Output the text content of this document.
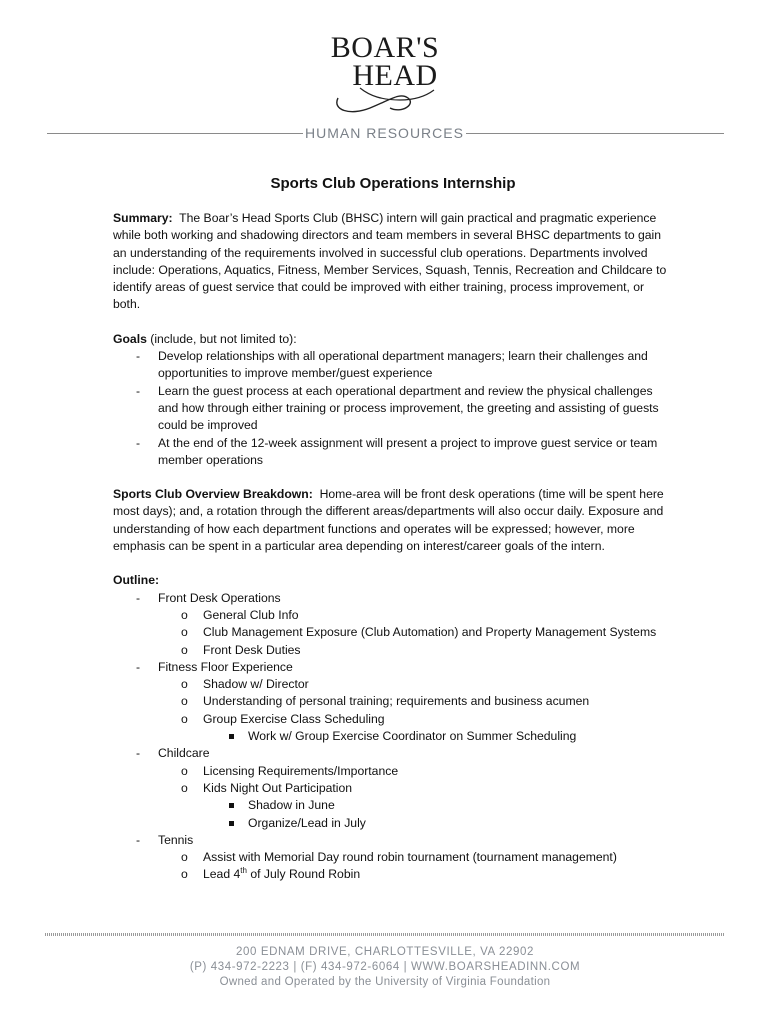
BOAR'S
HEAD
HUMAN RESOURCES
Sports Club Operations Internship

Summary: The Boar’s Head Sports Club (BHSC) intern will gain practical and pragmatic experience while both working and shadowing directors and team members in several BHSC departments to gain an understanding of the requirements involved in successful club operations. Departments involved include: Operations, Aquatics, Fitness, Member Services, Squash, Tennis, Recreation and Childcare to identify areas of guest service that could be improved with either training, process improvement, or both.

Goals (include, but not limited to):

- Develop relationships with all operational department managers; learn their challenges and opportunities to improve member/guest experience
- Learn the guest process at each operational department and review the physical challenges and how through either training or process improvement, the greeting and assisting of guests could be improved
- At the end of the 12-week assignment will present a project to improve guest service or team member operations

Sports Club Overview Breakdown: Home-area will be front desk operations (time will be spent here most days); and, a rotation through the different areas/departments will also occur daily. Exposure and understanding of how each department functions and operates will be expressed; however, more emphasis can be spent in a particular area depending on interest/career goals of the intern.

Outline:

- Front Desk Operations
o General Club Info
o Club Management Exposure (Club Automation) and Property Management Systems
o Front Desk Duties
- Fitness Floor Experience
o Shadow w/ Director
o Understanding of personal training; requirements and business acumen
o Group Exercise Class Scheduling
Work w/ Group Exercise Coordinator on Summer Scheduling
- Childcare
o Licensing Requirements/Importance
o Kids Night Out Participation
Shadow in June
Organize/Lead in July
- Tennis
o Assist with Memorial Day round robin tournament (tournament management)
o Lead 4th of July Round Robin
200 EDNAM DRIVE, CHARLOTTESVILLE, VA 22902
(P) 434-972-2223 | (F) 434-972-6064 | WWW.BOARSHEADINN.COM
Owned and Operated by the University of Virginia Foundation
